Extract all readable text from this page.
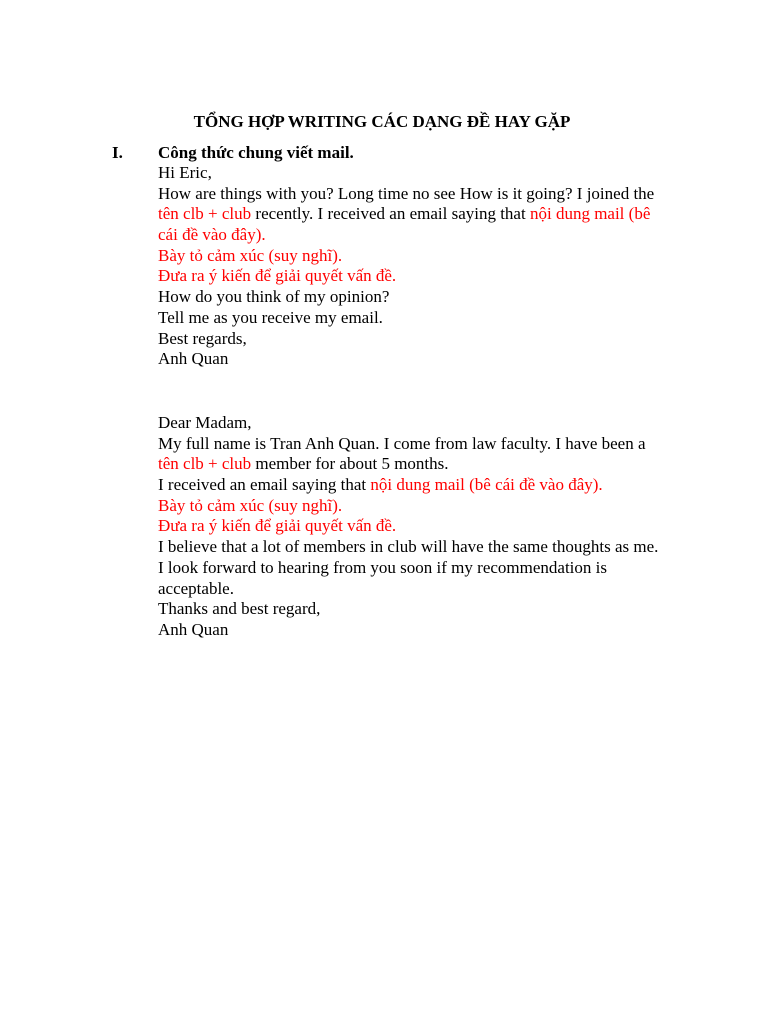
TỔNG HỢP WRITING CÁC DẠNG ĐỀ HAY GẶP
I. Công thức chung viết mail.
Hi Eric,
How are things with you? Long time no see How is it going? I joined the
tên clb + club recently. I received an email saying that nội dung mail (bê
cái đề vào đây).
Bày tỏ cảm xúc (suy nghĩ).
Đưa ra ý kiến để giải quyết vấn đề.
How do you think of my opinion?
Tell me as you receive my email.
Best regards,
Anh Quan
Dear Madam,
My full name is Tran Anh Quan. I come from law faculty. I have been a
tên clb + club member for about 5 months.
I received an email saying that nội dung mail (bê cái đề vào đây).
Bày tỏ cảm xúc (suy nghĩ).
Đưa ra ý kiến để giải quyết vấn đề.
I believe that a lot of members in club will have the same thoughts as me.
I look forward to hearing from you soon if my recommendation is
acceptable.
Thanks and best regard,
Anh Quan
